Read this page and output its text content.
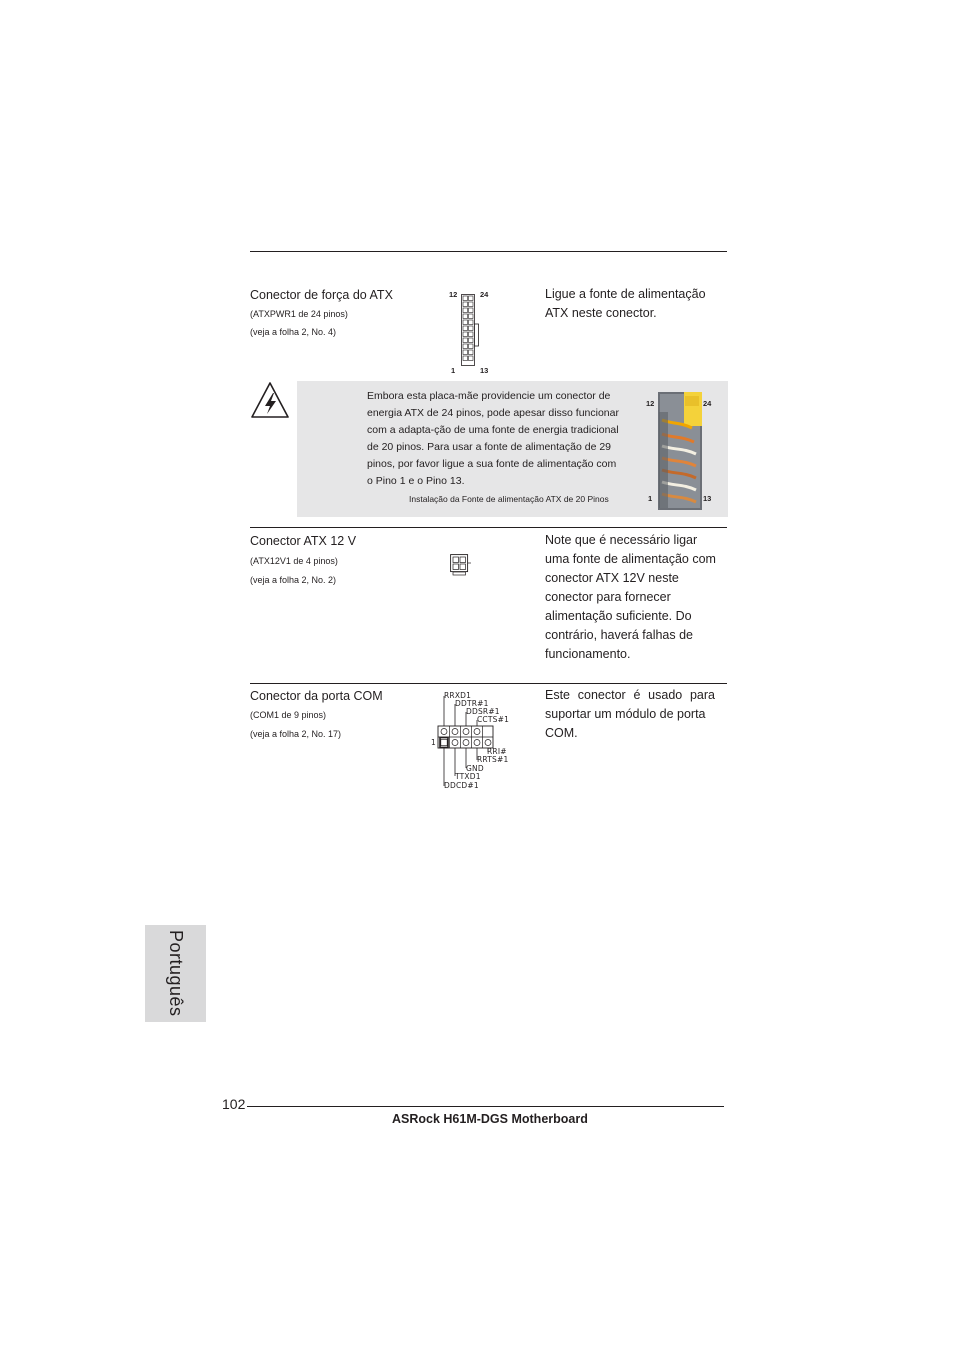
Conector de força do ATX
(ATXPWR1 de 24 pinos)
(veja a folha 2, No. 4)
12	24
1	13
Ligue a fonte de alimentação
ATX neste conector.
Embora esta placa-mãe providencie um conector de
energia ATX de 24 pinos, pode apesar disso funcionar
com a adapta-ção de uma fonte de energia tradicional
de 20 pinos. Para usar a fonte de alimentação de 29
pinos, por favor ligue a sua fonte de alimentação com
o Pino 1 e o Pino 13.
Instalação da Fonte de alimentação ATX de 20 Pinos
12	24
1	13
Conector ATX 12 V
(ATX12V1 de 4 pinos)
(veja a folha 2, No. 2)
Note que é necessário ligar
uma fonte de alimentação com
conector ATX 12V neste
conector para fornecer
alimentação suficiente. Do
contrário, haverá falhas de
funcionamento.
Conector da porta COM
(COM1 de 9 pinos)
(veja a folha 2, No. 17)
RRXD1
DDTR#1
DDSR#1
CCTS#1
1
RRI#
RRTS#1
GND
TTXD1
DDCD#1
Este conector é usado para
suportar um módulo de porta
COM.
Português
102
ASRock H61M-DGS Motherboard
